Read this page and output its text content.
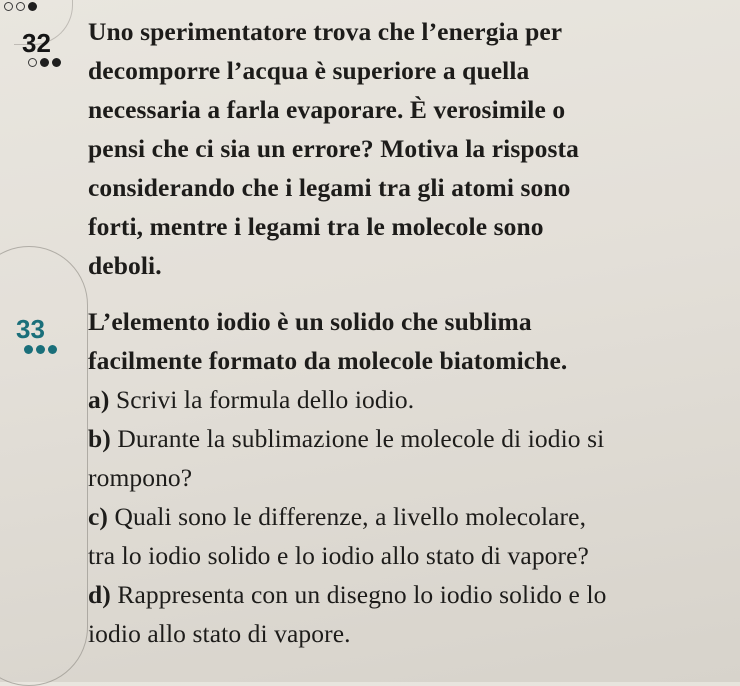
32
33
Uno sperimentatore trova che l’energia per
decomporre l’acqua è superiore a quella
necessaria a farla evaporare. È verosimile o
pensi che ci sia un errore? Motiva la risposta
considerando che i legami tra gli atomi sono
forti, mentre i legami tra le molecole sono
deboli.
L’elemento iodio è un solido che sublima
facilmente formato da molecole biatomiche.
a) Scrivi la formula dello iodio.
b) Durante la sublimazione le molecole di iodio si
rompono?
c) Quali sono le differenze, a livello molecolare,
tra lo iodio solido e lo iodio allo stato di vapore?
d) Rappresenta con un disegno lo iodio solido e lo
iodio allo stato di vapore.
